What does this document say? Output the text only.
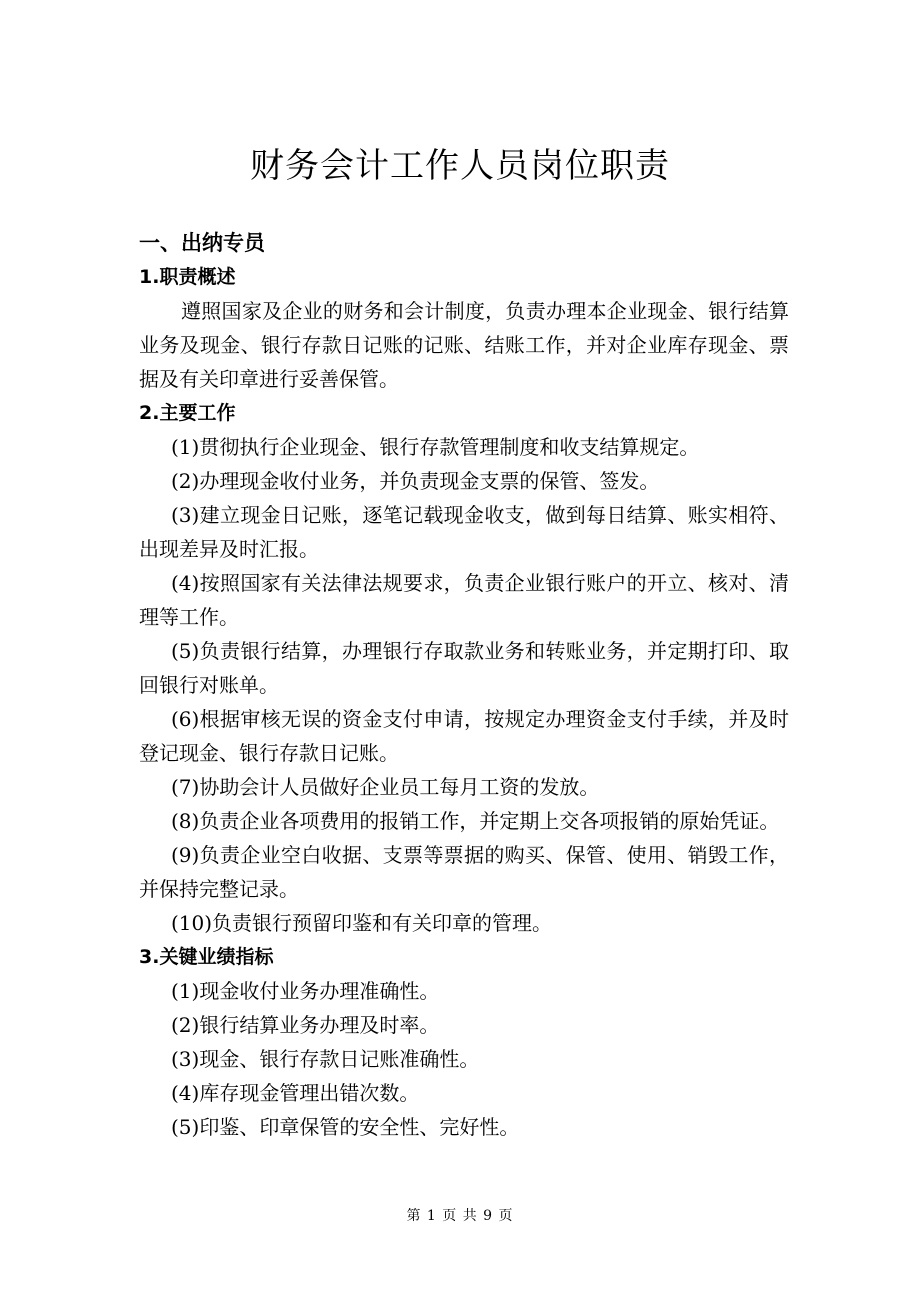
财务会计工作人员岗位职责

一、出纳专员

1.职责概述

遵照国家及企业的财务和会计制度，负责办理本企业现金、银行结算业务及现金、银行存款日记账的记账、结账工作，并对企业库存现金、票据及有关印章进行妥善保管。

2.主要工作

(1)贯彻执行企业现金、银行存款管理制度和收支结算规定。

(2)办理现金收付业务，并负责现金支票的保管、签发。

(3)建立现金日记账，逐笔记载现金收支，做到每日结算、账实相符、出现差异及时汇报。

(4)按照国家有关法律法规要求，负责企业银行账户的开立、核对、清理等工作。

(5)负责银行结算，办理银行存取款业务和转账业务，并定期打印、取回银行对账单。

(6)根据审核无误的资金支付申请，按规定办理资金支付手续，并及时登记现金、银行存款日记账。

(7)协助会计人员做好企业员工每月工资的发放。

(8)负责企业各项费用的报销工作，并定期上交各项报销的原始凭证。

(9)负责企业空白收据、支票等票据的购买、保管、使用、销毁工作，并保持完整记录。

(10)负责银行预留印鉴和有关印章的管理。

3.关键业绩指标

(1)现金收付业务办理准确性。

(2)银行结算业务办理及时率。

(3)现金、银行存款日记账准确性。

(4)库存现金管理出错次数。

(5)印鉴、印章保管的安全性、完好性。

第 1 页 共 9 页
